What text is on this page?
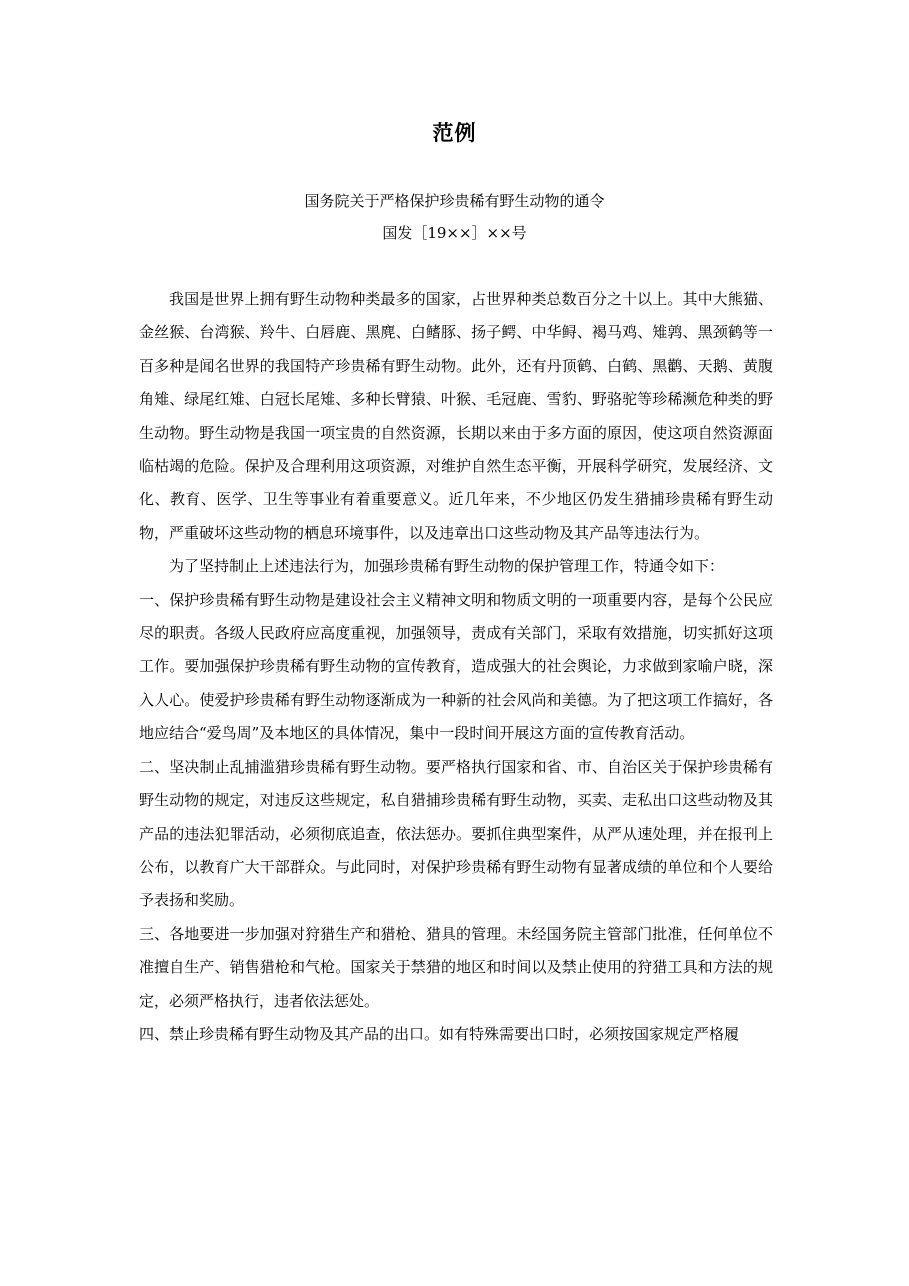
范例
国务院关于严格保护珍贵稀有野生动物的通令
国发［19××］××号

我国是世界上拥有野生动物种类最多的国家，占世界种类总数百分之十以上。其中大熊猫、金丝猴、台湾猴、羚牛、白唇鹿、黑麂、白鳍豚、扬子鳄、中华鲟、褐马鸡、雉鹑、黑颈鹤等一百多种是闻名世界的我国特产珍贵稀有野生动物。此外，还有丹顶鹤、白鹤、黑鹳、天鹅、黄腹角雉、绿尾红雉、白冠长尾雉、多种长臂猿、叶猴、毛冠鹿、雪豹、野骆驼等珍稀濒危种类的野生动物。野生动物是我国一项宝贵的自然资源，长期以来由于多方面的原因，使这项自然资源面临枯竭的危险。保护及合理利用这项资源，对维护自然生态平衡，开展科学研究，发展经济、文化、教育、医学、卫生等事业有着重要意义。近几年来，不少地区仍发生猎捕珍贵稀有野生动物，严重破坏这些动物的栖息环境事件，以及违章出口这些动物及其产品等违法行为。

为了坚持制止上述违法行为，加强珍贵稀有野生动物的保护管理工作，特通令如下：

一、保护珍贵稀有野生动物是建设社会主义精神文明和物质文明的一项重要内容，是每个公民应尽的职责。各级人民政府应高度重视，加强领导，责成有关部门，采取有效措施，切实抓好这项工作。要加强保护珍贵稀有野生动物的宣传教育，造成强大的社会舆论，力求做到家喻户晓，深入人心。使爱护珍贵稀有野生动物逐渐成为一种新的社会风尚和美德。为了把这项工作搞好，各地应结合“爱鸟周”及本地区的具体情况，集中一段时间开展这方面的宣传教育活动。

二、坚决制止乱捕滥猎珍贵稀有野生动物。要严格执行国家和省、市、自治区关于保护珍贵稀有野生动物的规定，对违反这些规定，私自猎捕珍贵稀有野生动物，买卖、走私出口这些动物及其产品的违法犯罪活动，必须彻底追查，依法惩办。要抓住典型案件，从严从速处理，并在报刊上公布，以教育广大干部群众。与此同时，对保护珍贵稀有野生动物有显著成绩的单位和个人要给予表扬和奖励。

三、各地要进一步加强对狩猎生产和猎枪、猎具的管理。未经国务院主管部门批准，任何单位不准擅自生产、销售猎枪和气枪。国家关于禁猎的地区和时间以及禁止使用的狩猎工具和方法的规定，必须严格执行，违者依法惩处。

四、禁止珍贵稀有野生动物及其产品的出口。如有特殊需要出口时，必须按国家规定严格履
